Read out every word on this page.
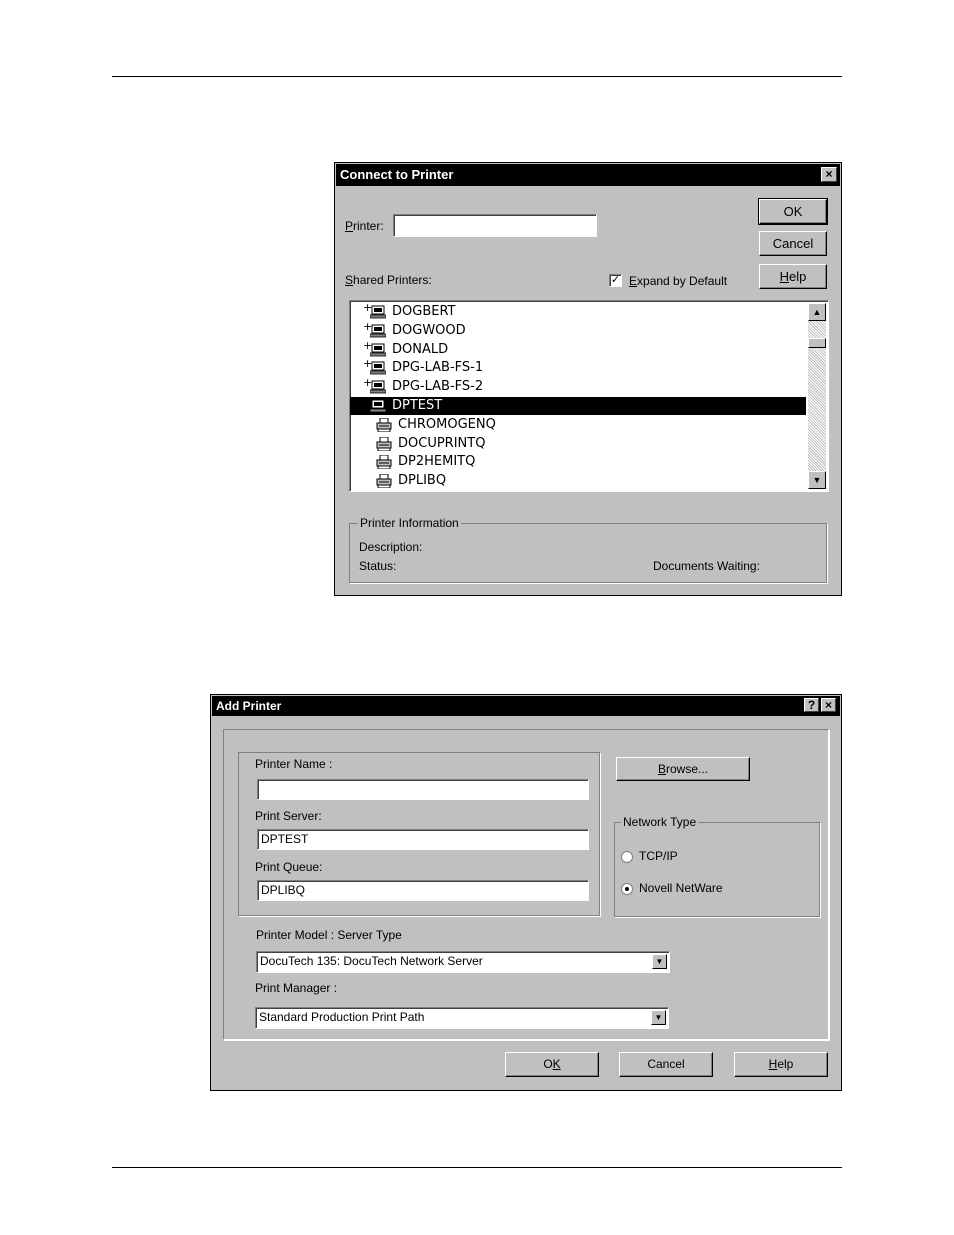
Connect to Printer	×
Printer:
OK
Cancel
Help
Shared Printers:	✓ Expand by Default
▲
▼
+ DOGBERT
+ DOGWOOD
+ DONALD
+ DPG-LAB-FS-1
+ DPG-LAB-FS-2
DPTEST
CHROMOGENQ
DOCUPRINTQ
DP2HEMITQ
DPLIBQ
Printer Information
Description:
Status:	Documents Waiting:
Add Printer	? ×
Printer Name :
Print Server:
DPTEST
Print Queue:
DPLIBQ
Browse...
Network Type
TCP/IP
Novell NetWare
Printer Model : Server Type
DocuTech 135: DocuTech Network Server	▼
Print Manager :
Standard Production Print Path	▼
OK	Cancel	Help
